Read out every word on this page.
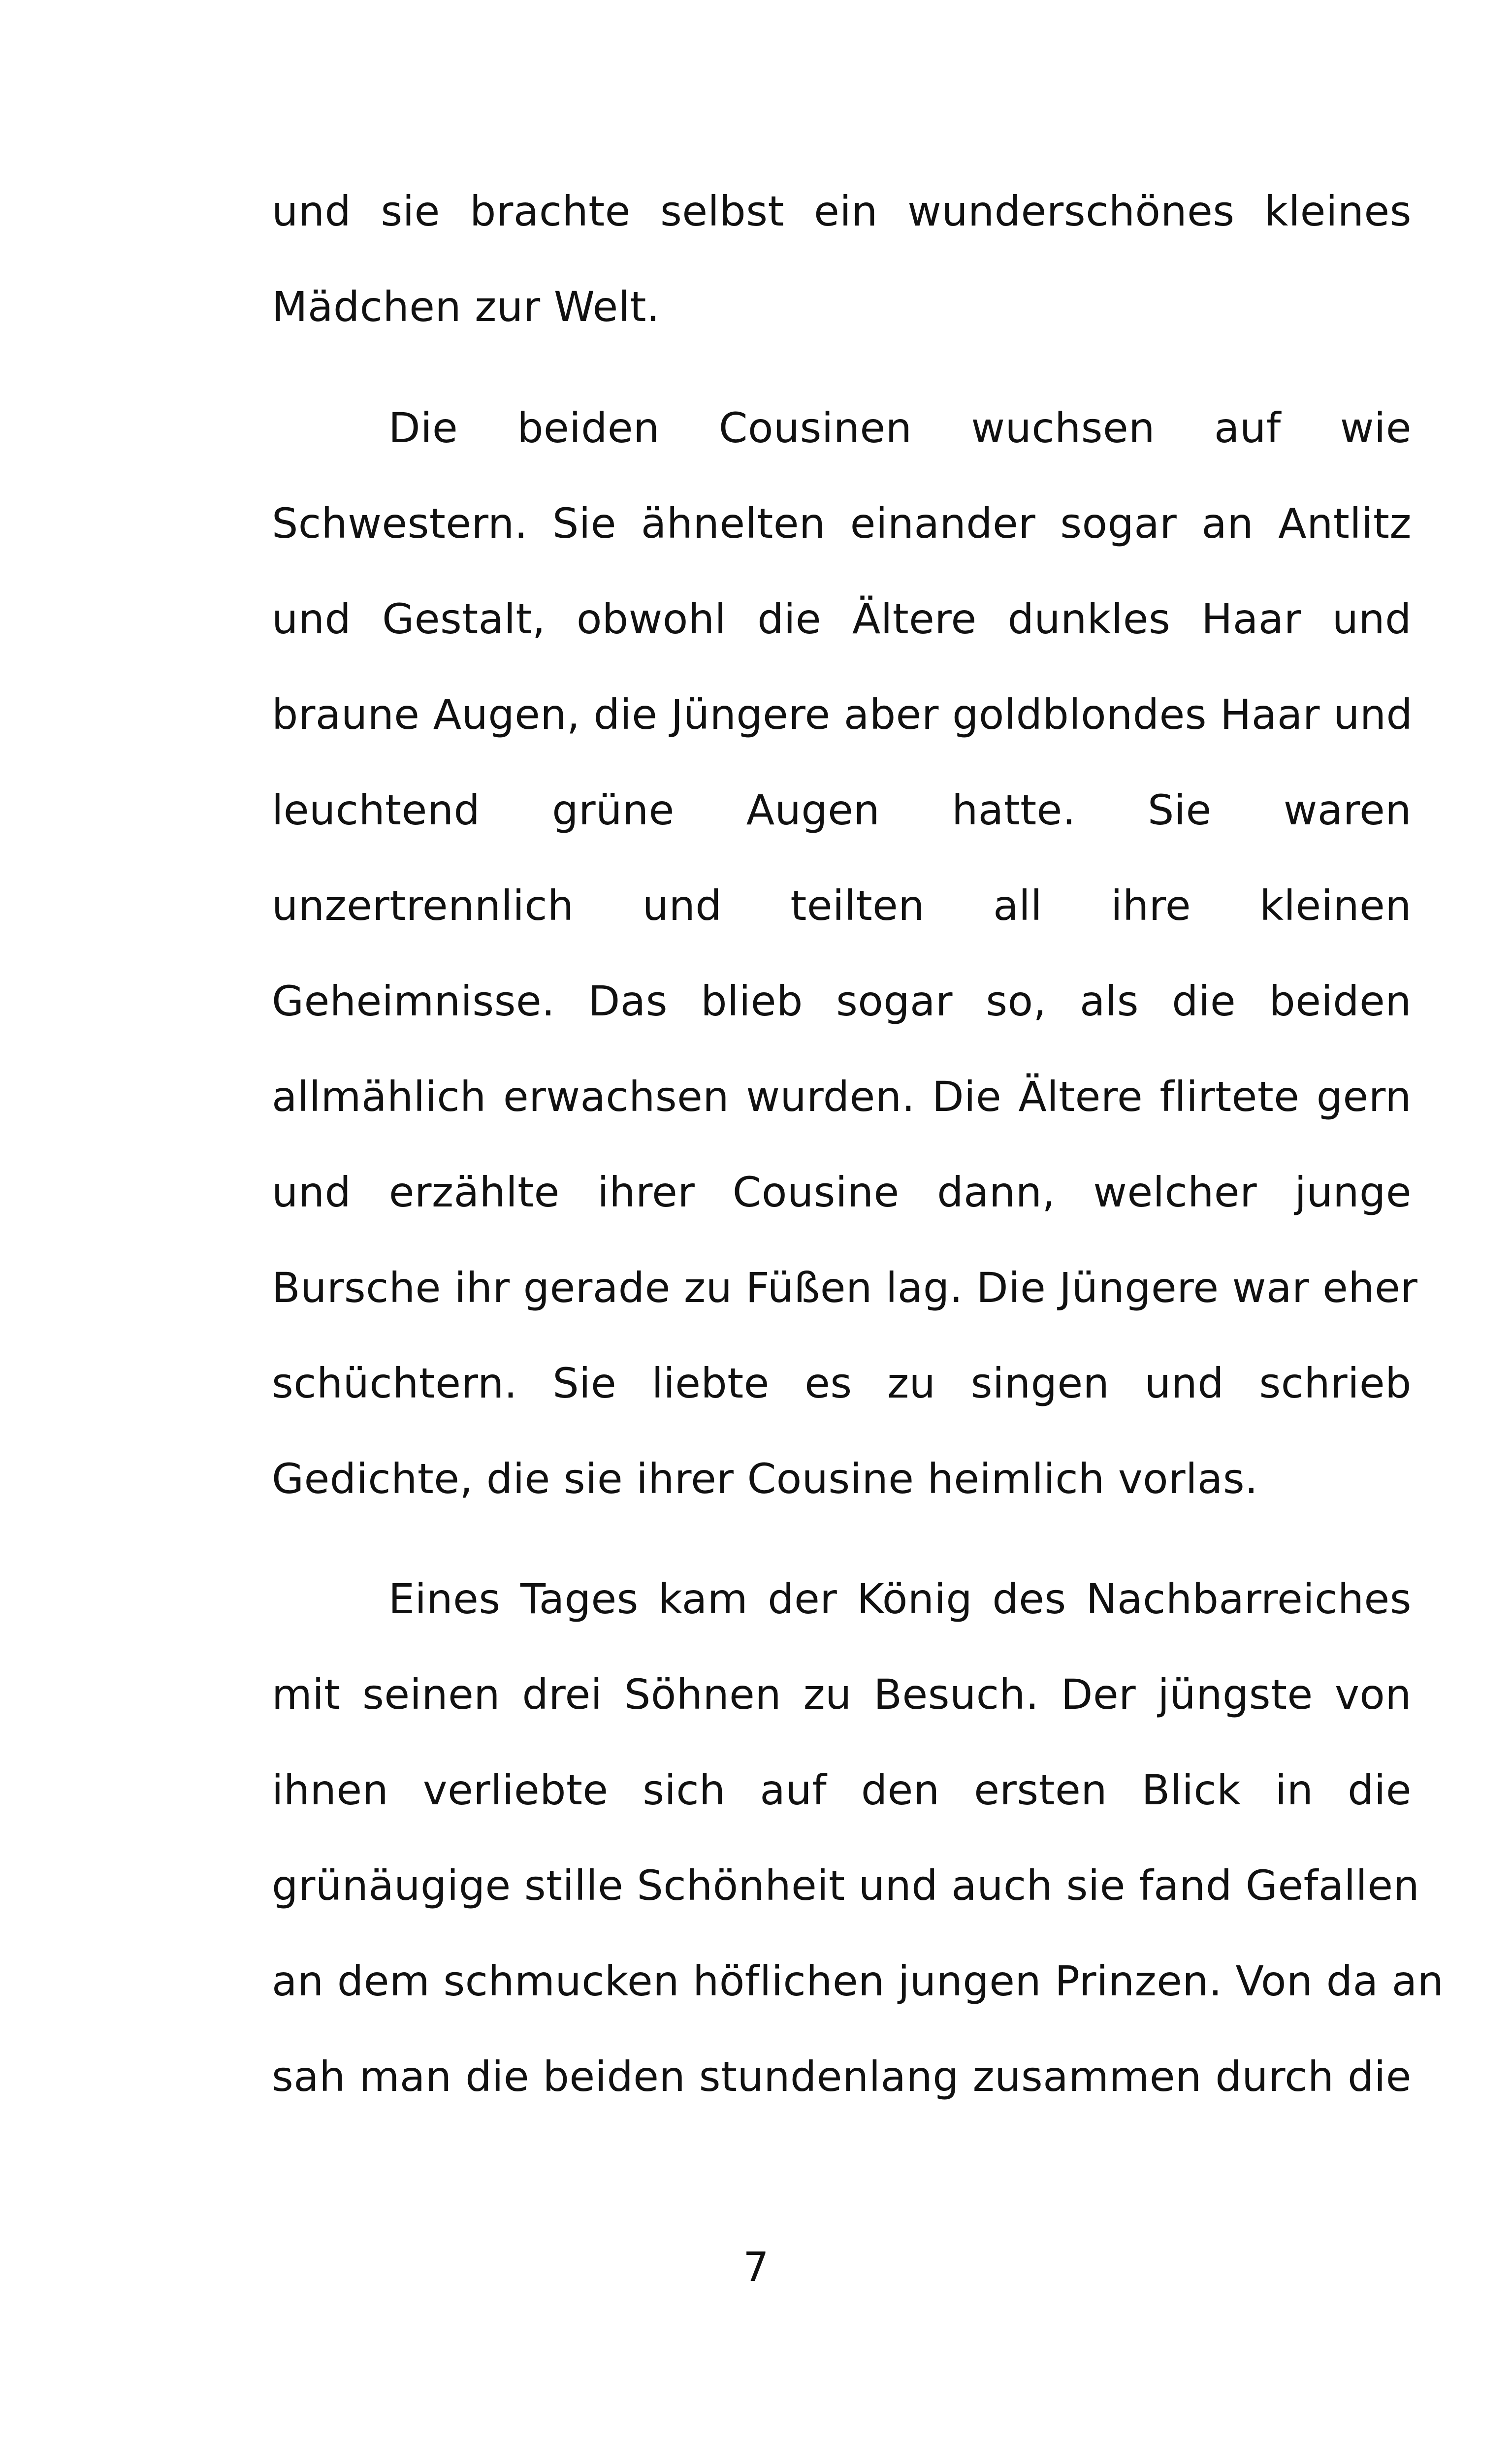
und sie brachte selbst ein wunderschönes kleines
Mädchen zur Welt.
Die beiden Cousinen wuchsen auf wie
Schwestern. Sie ähnelten einander sogar an Antlitz
und Gestalt, obwohl die Ältere dunkles Haar und
braune Augen, die Jüngere aber goldblondes Haar und
leuchtend grüne Augen hatte. Sie waren
unzertrennlich und teilten all ihre kleinen
Geheimnisse. Das blieb sogar so, als die beiden
allmählich erwachsen wurden. Die Ältere flirtete gern
und erzählte ihrer Cousine dann, welcher junge
Bursche ihr gerade zu Füßen lag. Die Jüngere war eher
schüchtern. Sie liebte es zu singen und schrieb
Gedichte, die sie ihrer Cousine heimlich vorlas.
Eines Tages kam der König des Nachbarreiches
mit seinen drei Söhnen zu Besuch. Der jüngste von
ihnen verliebte sich auf den ersten Blick in die
grünäugige stille Schönheit und auch sie fand Gefallen
an dem schmucken höflichen jungen Prinzen. Von da an
sah man die beiden stundenlang zusammen durch die
7
